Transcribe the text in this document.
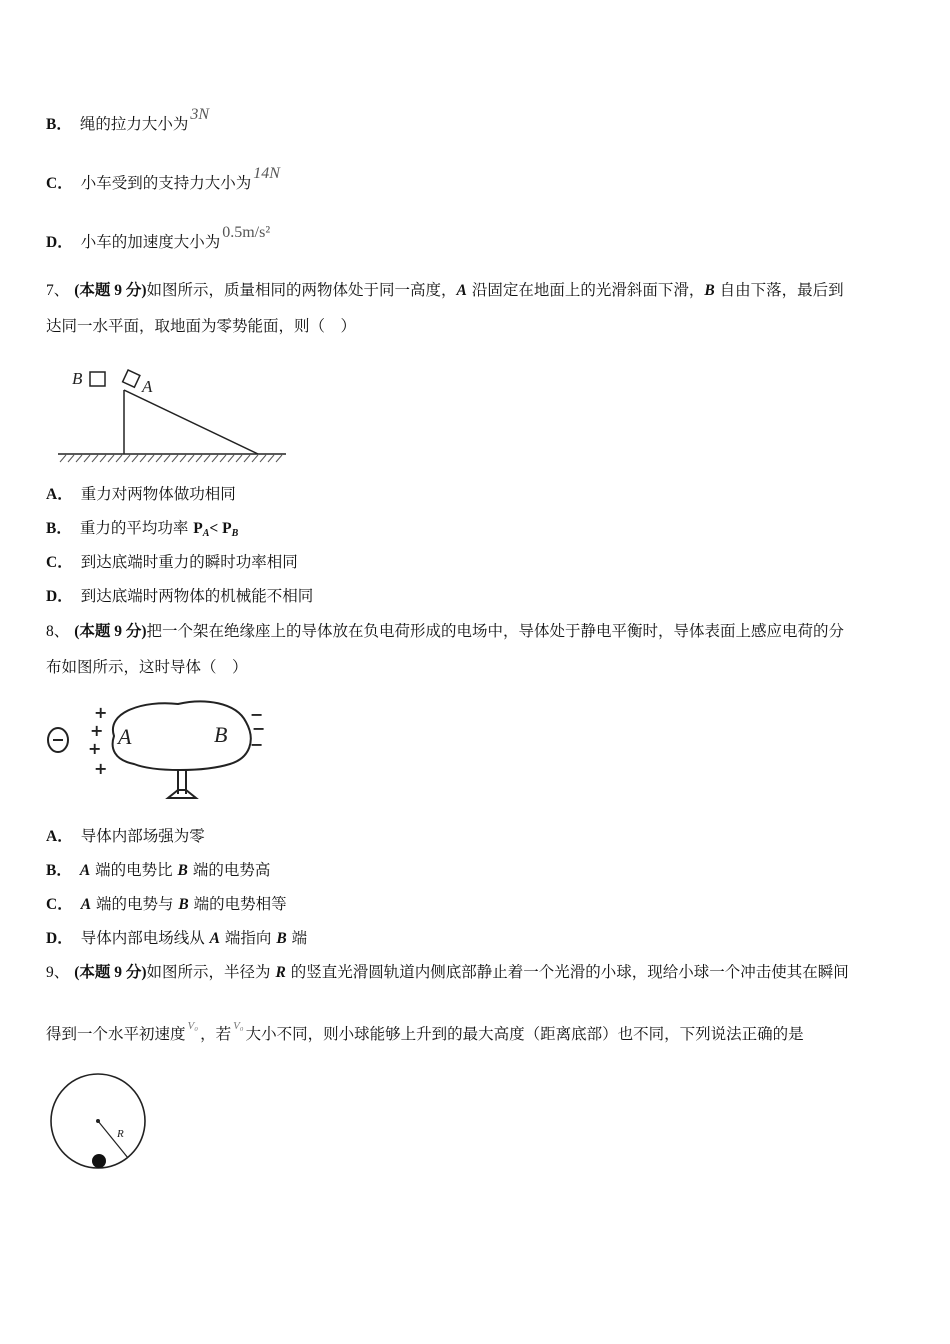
B． 绳的拉力大小为3N
C． 小车受到的支持力大小为14N
D． 小车的加速度大小为0.5m/s²
7、 (本题 9 分)如图所示，质量相同的两物体处于同一高度，A 沿固定在地面上的光滑斜面下滑，B 自由下落，最后到
达同一水平面，取地面为零势能面，则（　）
B	A
A． 重力对两物体做功相同
B． 重力的平均功率 PA< PB
C． 到达底端时重力的瞬时功率相同
D． 到达底端时两物体的机械能不相同
8、 (本题 9 分)把一个架在绝缘座上的导体放在负电荷形成的电场中，导体处于静电平衡时，导体表面上感应电荷的分
布如图所示，这时导体（　）
+
+
+
+
A	B
−
−
−
A． 导体内部场强为零
B． A 端的电势比 B 端的电势高
C． A 端的电势与 B 端的电势相等
D． 导体内部电场线从 A 端指向 B 端
9、 (本题 9 分)如图所示，半径为 R 的竖直光滑圆轨道内侧底部静止着一个光滑的小球，现给小球一个冲击使其在瞬间
得到一个水平初速度 $^{V_0}$ ，若 $^{V_0}$ 大小不同，则小球能够上升到的最大高度（距离底部）也不同，下列说法正确的是
R
